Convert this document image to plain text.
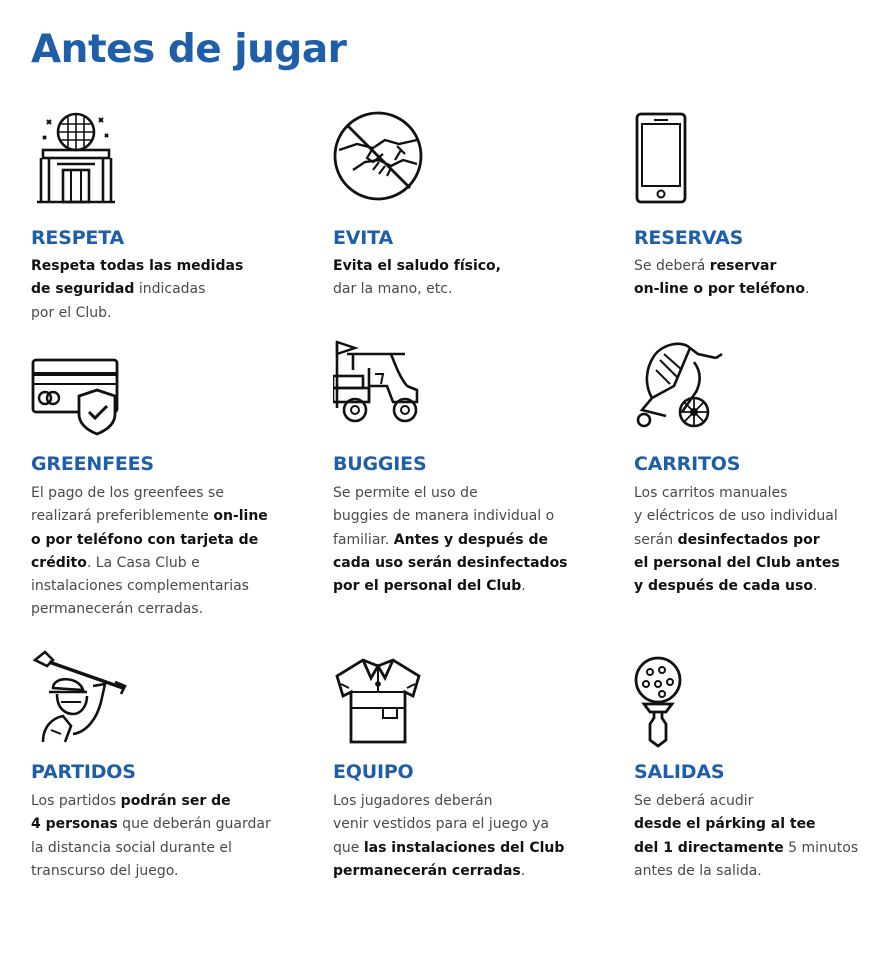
Antes de jugar
RESPETA

Respeta todas las medidas
de seguridad indicadas
por el Club.

EVITA

Evita el saludo físico,
dar la mano, etc.

RESERVAS

Se deberá reservar
on-line o por teléfono.

GREENFEES

El pago de los greenfees se
realizará preferiblemente on-line
o por teléfono con tarjeta de
crédito. La Casa Club e
instalaciones complementarias
permanecerán cerradas.

BUGGIES

Se permite el uso de
buggies de manera individual o
familiar. Antes y después de
cada uso serán desinfectados
por el personal del Club.

CARRITOS

Los carritos manuales
y eléctricos de uso individual
serán desinfectados por
el personal del Club antes
y después de cada uso.

PARTIDOS

Los partidos podrán ser de
4 personas que deberán guardar
la distancia social durante el
transcurso del juego.

EQUIPO

Los jugadores deberán
venir vestidos para el juego ya
que las instalaciones del Club
permanecerán cerradas.

SALIDAS

Se deberá acudir
desde el párking al tee
del 1 directamente 5 minutos
antes de la salida.
